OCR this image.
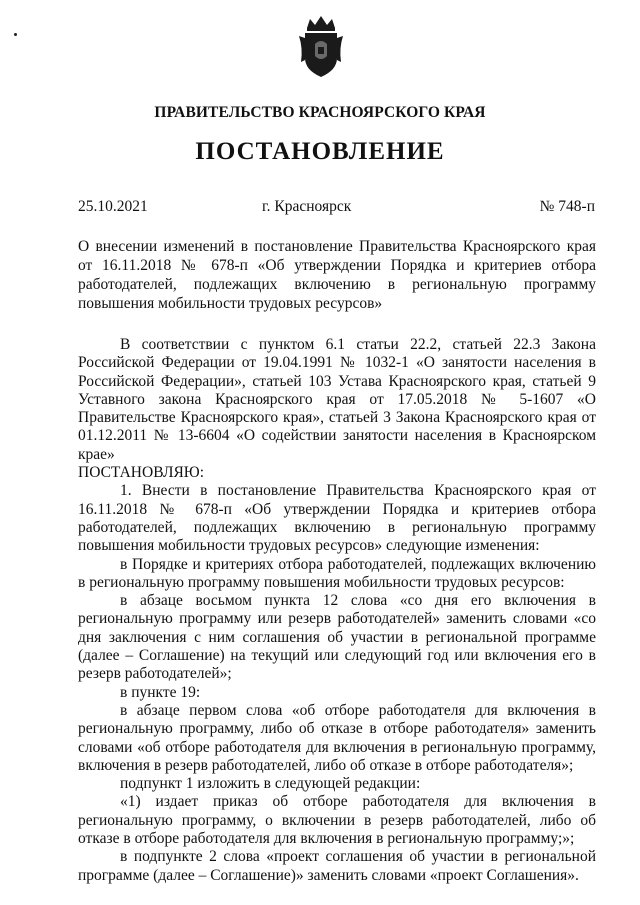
ПРАВИТЕЛЬСТВО КРАСНОЯРСКОГО КРАЯ
ПОСТАНОВЛЕНИЕ
25.10.2021	г. Красноярск	№ 748-п
О внесении изменений в постановление Правительства Красноярского края от 16.11.2018 № 678-п «Об утверждении Порядка и критериев отбора работодателей, подлежащих включению в региональную программу повышения мобильности трудовых ресурсов»

В соответствии с пунктом 6.1 статьи 22.2, статьей 22.3 Закона Российской Федерации от 19.04.1991 № 1032-1 «О занятости населения в Российской Федерации», статьей 103 Устава Красноярского края, статьей 9 Уставного закона Красноярского края от 17.05.2018 № 5-1607 «О Правительстве Красноярского края», статьей 3 Закона Красноярского края от 01.12.2011 № 13-6604 «О содействии занятости населения в Красноярском крае»

ПОСТАНОВЛЯЮ:

1. Внести в постановление Правительства Красноярского края от 16.11.2018 № 678-п «Об утверждении Порядка и критериев отбора работодателей, подлежащих включению в региональную программу повышения мобильности трудовых ресурсов» следующие изменения:

в Порядке и критериях отбора работодателей, подлежащих включению в региональную программу повышения мобильности трудовых ресурсов:

в абзаце восьмом пункта 12 слова «со дня его включения в региональную программу или резерв работодателей» заменить словами «со дня заключения с ним соглашения об участии в региональной программе (далее – Соглашение) на текущий или следующий год или включения его в резерв работодателей»;

в пункте 19:

в абзаце первом слова «об отборе работодателя для включения в региональную программу, либо об отказе в отборе работодателя» заменить словами «об отборе работодателя для включения в региональную программу, включения в резерв работодателей, либо об отказе в отборе работодателя»;

подпункт 1 изложить в следующей редакции:

«1) издает приказ об отборе работодателя для включения в региональную программу, о включении в резерв работодателей, либо об отказе в отборе работодателя для включения в региональную программу;»;

в подпункте 2 слова «проект соглашения об участии в региональной программе (далее – Соглашение)» заменить словами «проект Соглашения».
